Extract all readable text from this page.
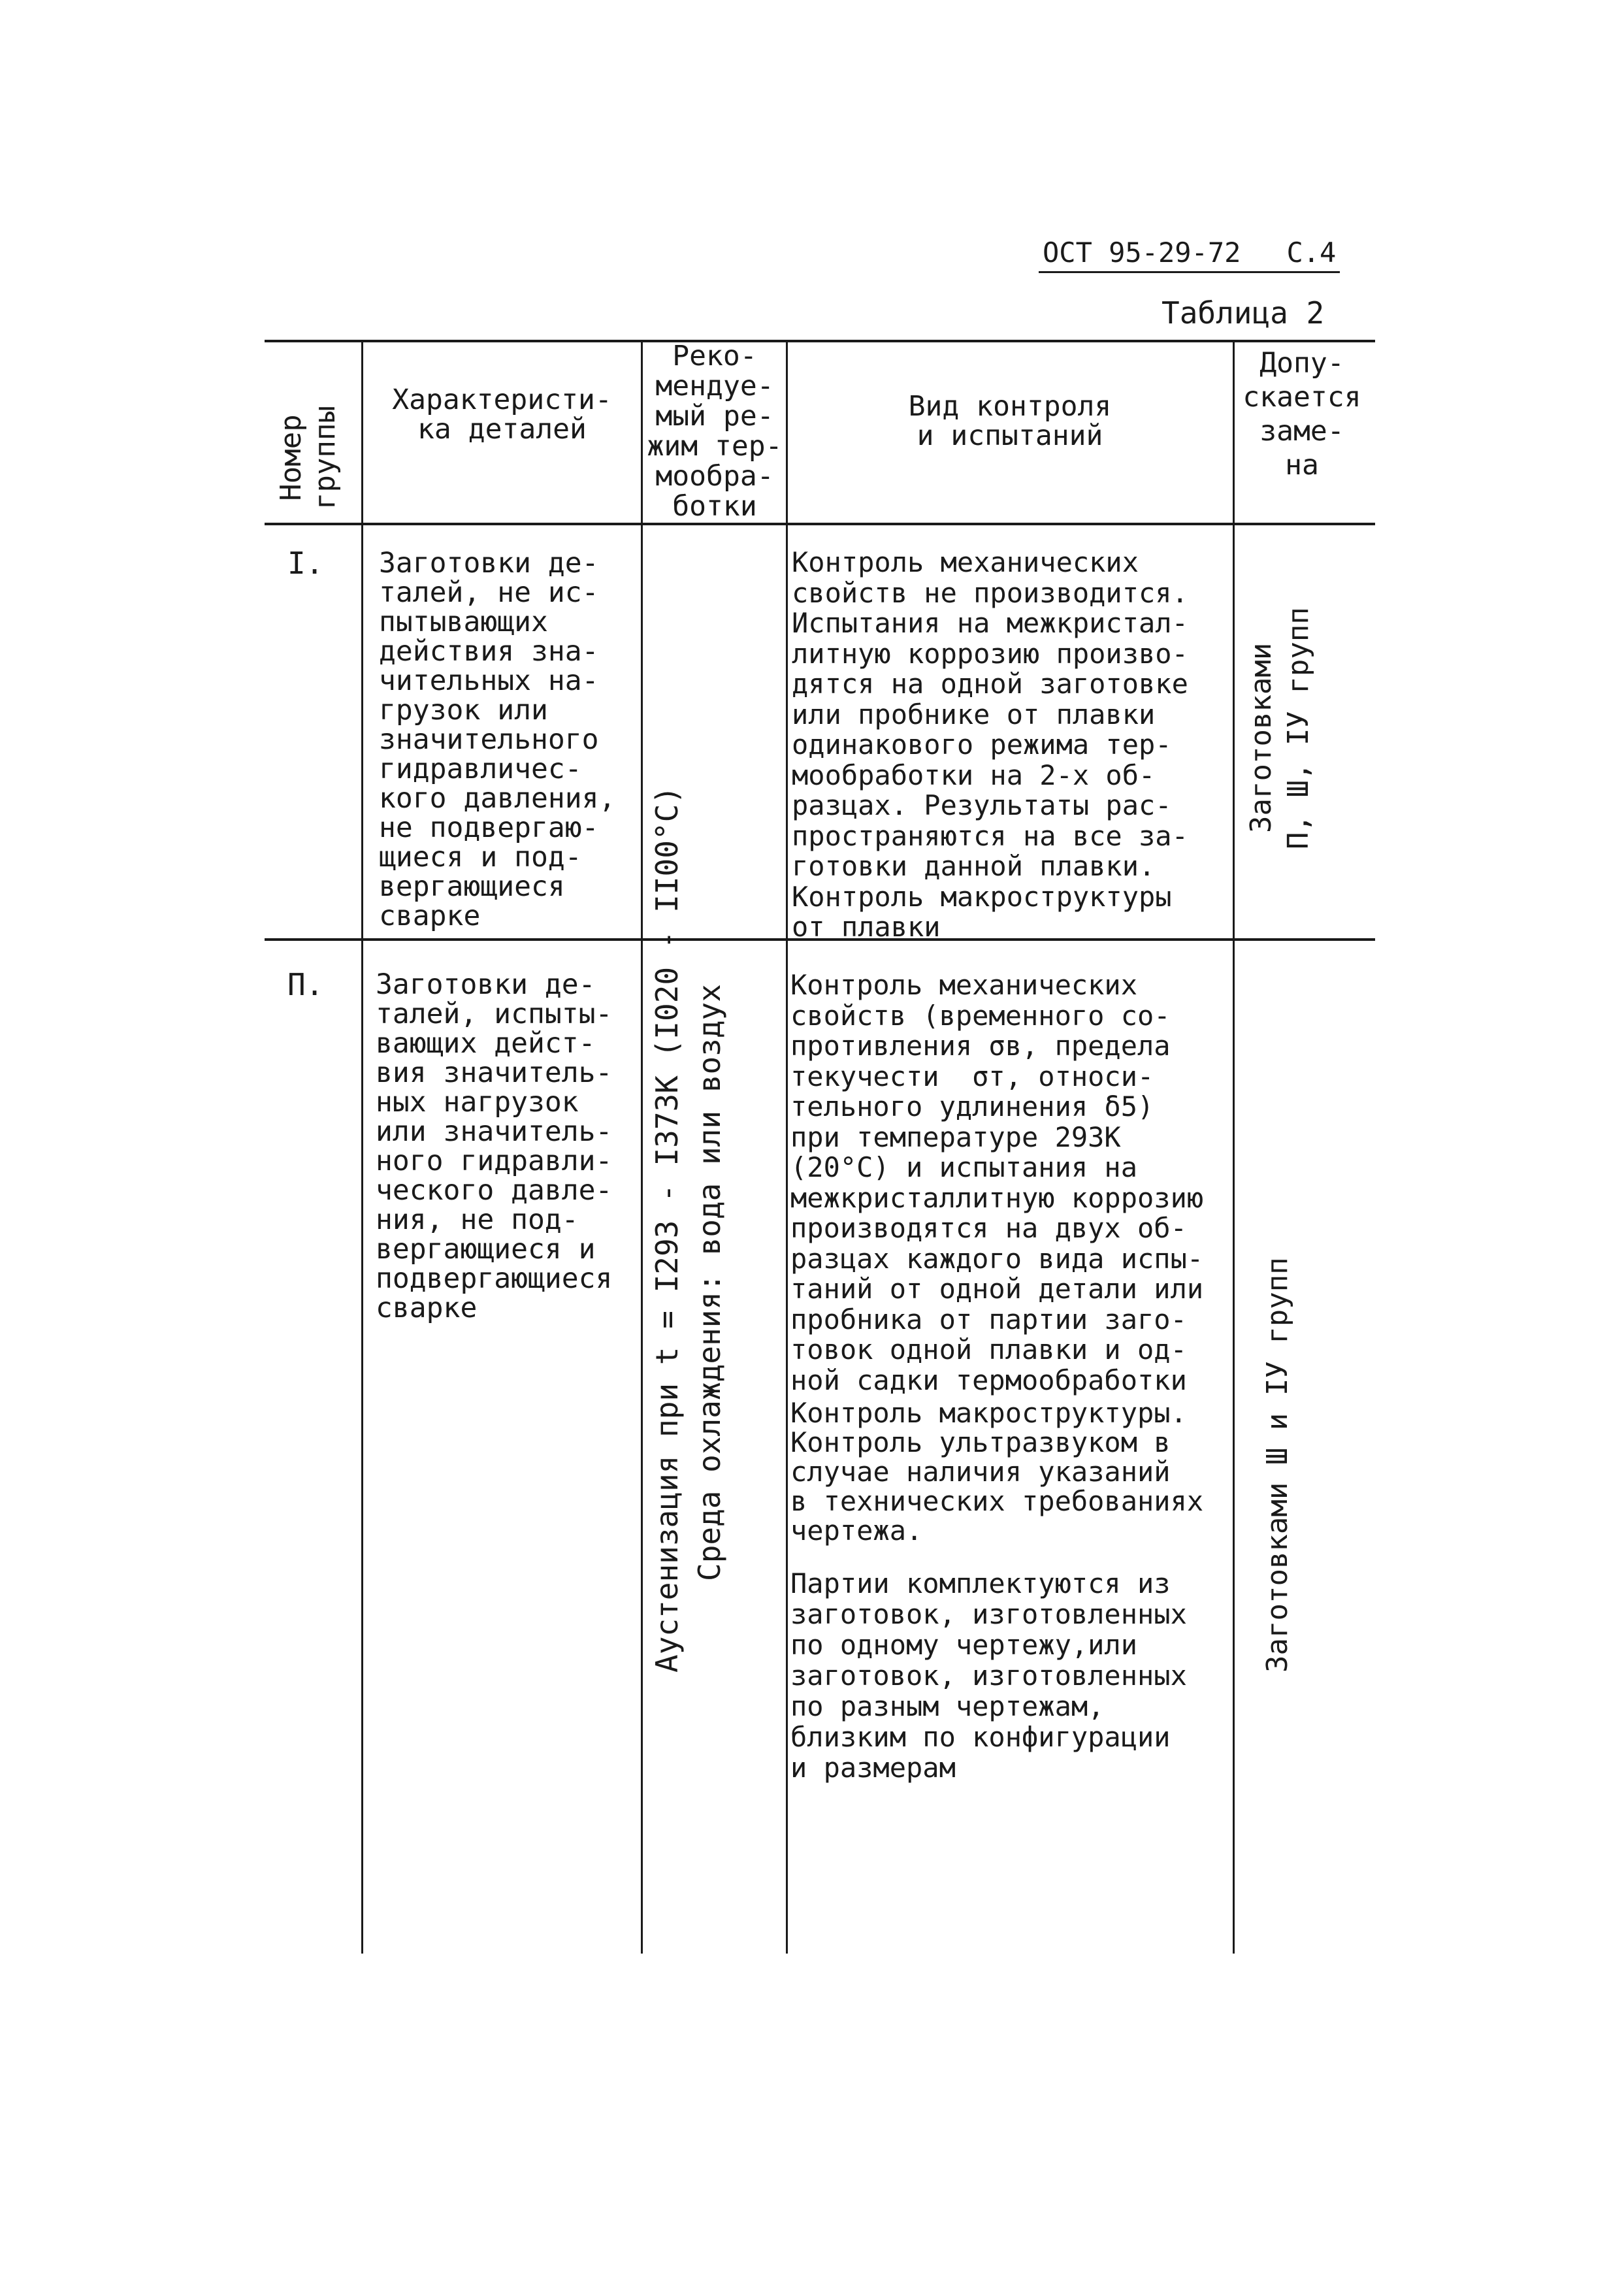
ОСТ 95-29-72 С.4
Таблица 2
Номер
группы
Характеристи-
ка деталей
Реко-
мендуе-
мый ре-
жим тер-
мообра-
ботки
Вид контроля
и испытаний
Допу-
скается
заме-
на
Аустенизация при t = I293 - I373K (I020 - II00°C) Среда охлаждения: вода или воздух
I. Заготовки де-
талей, не ис-
пытывающих
действия зна-
чительных на-
грузок или
значительного
гидравличес-
кого давления,
не подвергаю-
щиеся и под-
вергающиеся
сварке
Контроль механических
свойств не производится.
Испытания на межкристал-
литную коррозию произво-
дятся на одной заготовке
или пробнике от плавки
одинакового режима тер-
мообработки на 2-х об-
разцах. Результаты рас-
пространяются на все за-
готовки данной плавки.
Контроль макроструктуры
от плавки
Заготовками П, Ш, IУ групп
П. Заготовки де-
талей, испыты-
вающих дейст-
вия значитель-
ных нагрузок
или значитель-
ного гидравли-
ческого давле-
ния, не под-
вергающиеся и
подвергающиеся
сварке
Контроль механических
свойств (временного со-
противления σв, предела
текучести  σт, относи-
тельного удлинения δ5)
при температуре 293К
(20°С) и испытания на
межкристаллитную коррозию
производятся на двух об-
разцах каждого вида испы-
таний от одной детали или
пробника от партии заго-
товок одной плавки и од-
ной садки термообработки
Контроль макроструктуры.
Контроль ультразвуком в
случае наличия указаний
в технических требованиях
чертежа.
Партии комплектуются из
заготовок, изготовленных
по одному чертежу,или
заготовок, изготовленных
по разным чертежам,
близким по конфигурации
и размерам
Заготовками Ш и IУ групп
